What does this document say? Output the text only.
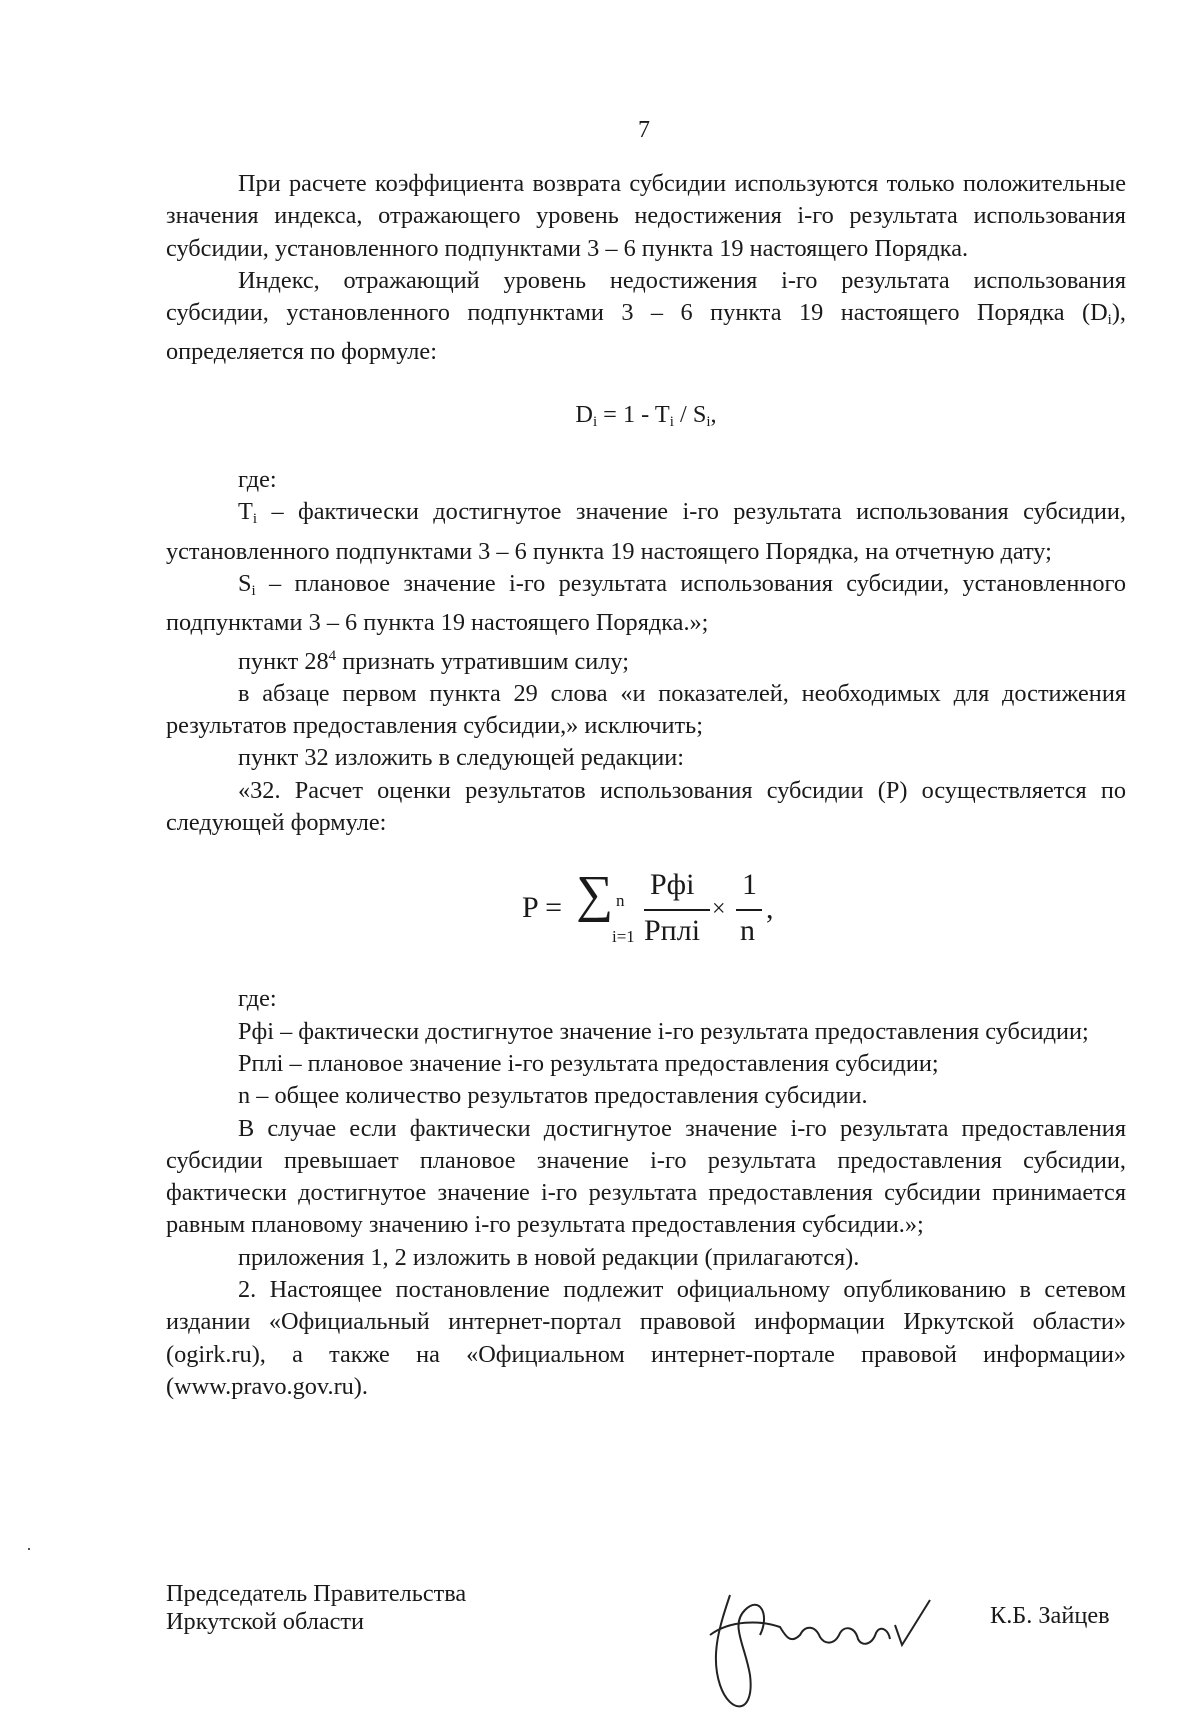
7

При расчете коэффициента возврата субсидии используются только положительные значения индекса, отражающего уровень недостижения i-го результата использования субсидии, установленного подпунктами 3 – 6 пункта 19 настоящего Порядка.

Индекс, отражающий уровень недостижения i-го результата использования субсидии, установленного подпунктами 3 – 6 пункта 19 настоящего Порядка $(D_i)$, определяется по формуле:

$D_i = 1 - T_i / S_i$,

где:

$T_i$ – фактически достигнутое значение i-го результата использования субсидии, установленного подпунктами 3 – 6 пункта 19 настоящего Порядка, на отчетную дату;

$S_i$ – плановое значение i-го результата использования субсидии, установленного подпунктами 3 – 6 пункта 19 настоящего Порядка.»;

пункт $28^4$ признать утратившим силу;

в абзаце первом пункта 29 слова «и показателей, необходимых для достижения результатов предоставления субсидии,» исключить;

пункт 32 изложить в следующей редакции:

«32. Расчет оценки результатов использования субсидии (P) осуществляется по следующей формуле:

P = ∑ n
i=1
Pфi
Pплi
×
1
n
,

где:

Pфi – фактически достигнутое значение i-го результата предоставления субсидии;

Pплi – плановое значение i-го результата предоставления субсидии;

n – общее количество результатов предоставления субсидии.

В случае если фактически достигнутое значение i-го результата предоставления субсидии превышает плановое значение i-го результата предоставления субсидии, фактически достигнутое значение i-го результата предоставления субсидии принимается равным плановому значению i-го результата предоставления субсидии.»;

приложения 1, 2 изложить в новой редакции (прилагаются).

2. Настоящее постановление подлежит официальному опубликованию в сетевом издании «Официальный интернет-портал правовой информации Иркутской области» (ogirk.ru), а также на «Официальном интернет-портале правовой информации» (www.pravo.gov.ru).

Председатель Правительства
Иркутской области	К.Б. Зайцев
